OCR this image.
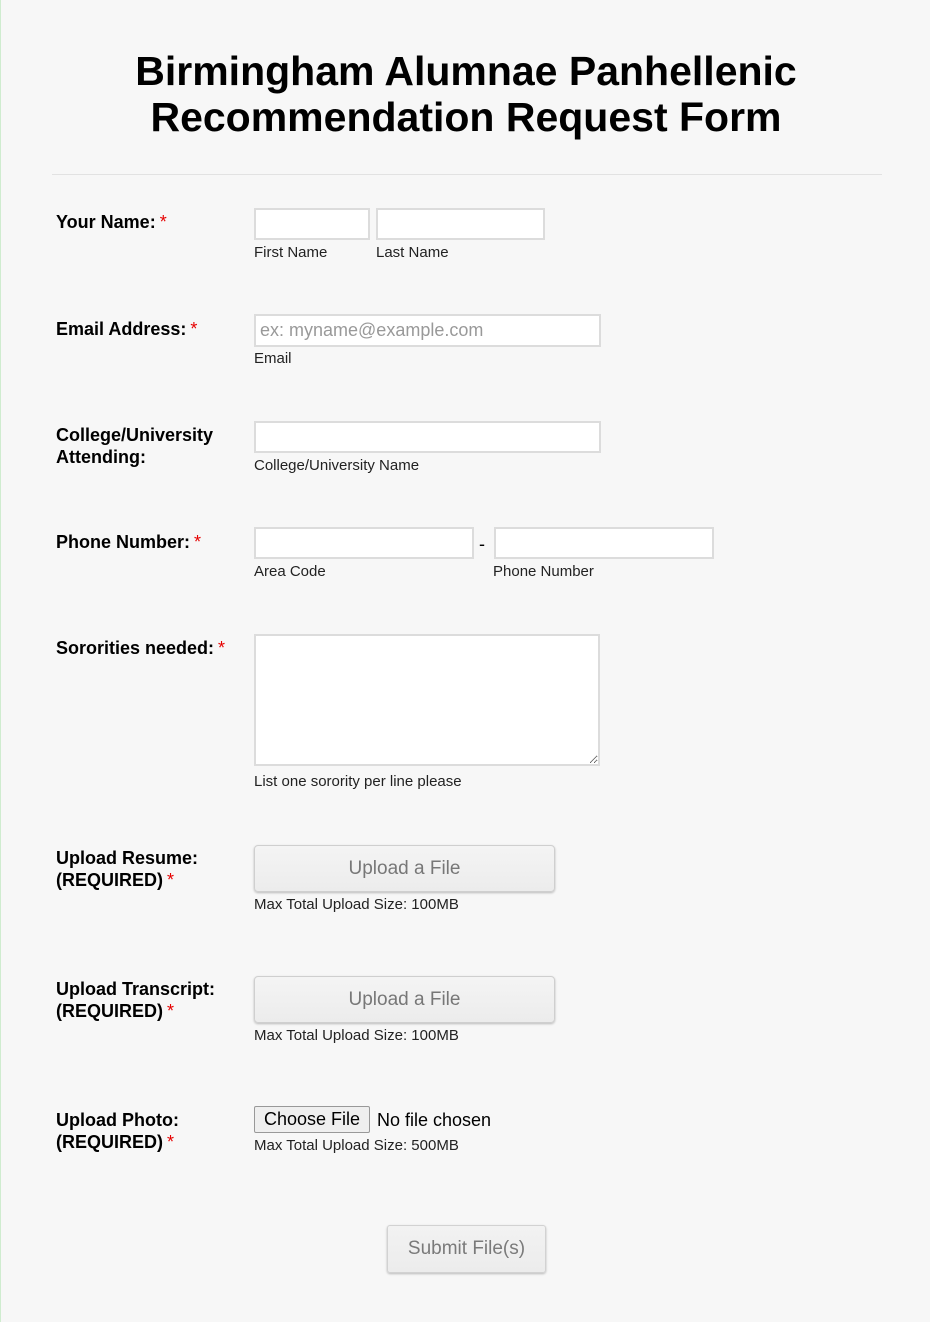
Birmingham Alumnae Panhellenic
Recommendation Request Form
Your Name: *
First Name	Last Name
Email Address: *
ex: myname@example.com
Email
College/University
Attending:	College/University Name
Phone Number: *	-
Area Code	Phone Number
Sororities needed: *
List one sorority per line please
Upload Resume:
(REQUIRED) *
Upload a File
Max Total Upload Size: 100MB
Upload Transcript:
(REQUIRED) *
Upload a File
Max Total Upload Size: 100MB
Upload Photo:
(REQUIRED) *
Choose File No file chosen
Max Total Upload Size: 500MB
Submit File(s)
